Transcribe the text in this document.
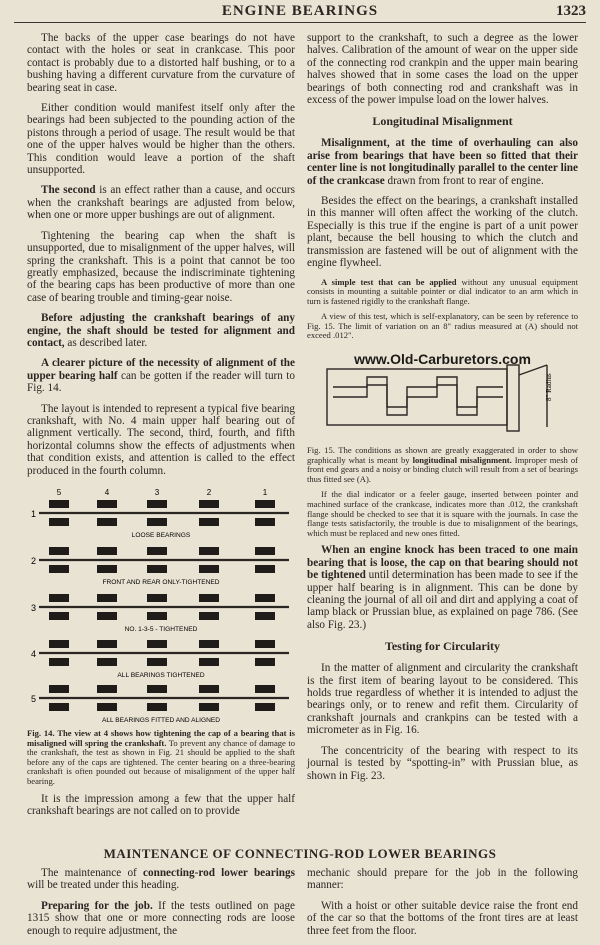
ENGINE BEARINGS	1323

The backs of the upper case bearings do not have contact with the holes or seat in crankcase. This poor contact is probably due to a distorted half bushing, or to a bushing having a different curvature from the curvature of bearing seat in case.

Either condition would manifest itself only after the bearings had been subjected to the pounding action of the pistons through a period of usage. The result would be that one of the upper halves would be higher than the others. This condition would leave a portion of the shaft unsupported.

The second is an effect rather than a cause, and occurs when the crankshaft bearings are adjusted from below, when one or more upper bushings are out of alignment.

Tightening the bearing cap when the shaft is unsupported, due to misalignment of the upper halves, will spring the crankshaft. This is a point that cannot be too greatly emphasized, because the indiscriminate tightening of the bearing caps has been productive of more than one case of bearing trouble and timing-gear noise.

Before adjusting the crankshaft bearings of any engine, the shaft should be tested for alignment and contact, as described later.

A clearer picture of the necessity of alignment of the upper bearing half can be gotten if the reader will turn to Fig. 14.

The layout is intended to represent a typical five bearing crankshaft, with No. 4 main upper half bearing out of alignment vertically. The second, third, fourth, and fifth horizontal columns show the effects of adjustments when that condition exists, and attention is called to the effect produced in the fourth column.

5	4	3	2	1
1
LOOSE BEARINGS
2
FRONT AND REAR ONLY-TIGHTENED
3
NO. 1-3-5 - TIGHTENED
4
ALL BEARINGS TIGHTENED
5
ALL BEARINGS FITTED AND ALIGNED

Fig. 14. The view at 4 shows how tightening the cap of a bearing that is misaligned will spring the crankshaft. To prevent any chance of damage to the crankshaft, the test as shown in Fig. 21 should be applied to the shaft before any of the caps are tightened. The center bearing on a three-bearing crankshaft is often pounded out because of misalignment of the upper half bearing.

It is the impression among a few that the upper half crankshaft bearings are not called on to provide

support to the crankshaft, to such a degree as the lower halves. Calibration of the amount of wear on the upper side of the connecting rod crankpin and the upper main bearing halves showed that in some cases the load on the upper bearings of both connecting rod and crankshaft was in excess of the power impulse load on the lower halves.

Longitudinal Misalignment

Misalignment, at the time of overhauling can also arise from bearings that have been so fitted that their center line is not longitudinally parallel to the center line of the crankcase drawn from front to rear of engine.

Besides the effect on the bearings, a crankshaft installed in this manner will often affect the working of the clutch. Especially is this true if the engine is part of a unit power plant, because the bell housing to which the clutch and transmission are fastened will be out of alignment with the engine flywheel.

A simple test that can be applied without any unusual equipment consists in mounting a suitable pointer or dial indicator to an arm which in turn is fastened rigidly to the crankshaft flange.

A view of this test, which is self-explanatory, can be seen by reference to Fig. 15. The limit of variation on an 8" radius measured at (A) should not exceed .012".

www.Old-Carburetors.com
8" Radius

Fig. 15. The conditions as shown are greatly exaggerated in order to show graphically what is meant by longitudinal misalignment. Improper mesh of front end gears and a noisy or binding clutch will result from a set of bearings thus fitted see (A).

If the dial indicator or a feeler gauge, inserted between pointer and machined surface of the crankcase, indicates more than .012, the crankshaft flange should be checked to see that it is square with the journals. In case the flange tests satisfactorily, the trouble is due to misalignment of the bearings, which must be replaced and new ones fitted.

When an engine knock has been traced to one main bearing that is loose, the cap on that bearing should not be tightened until determination has been made to see if the upper half bearing is in alignment. This can be done by cleaning the journal of all oil and dirt and applying a coat of lamp black or Prussian blue, as explained on page 786. (See also Fig. 23.)

Testing for Circularity

In the matter of alignment and circularity the crankshaft is the first item of bearing layout to be considered. This holds true regardless of whether it is intended to adjust the bearings only, or to renew and refit them. Circularity of crankshaft journals and crankpins can be tested with a micrometer as in Fig. 16.

The concentricity of the bearing with respect to its journal is tested by “spotting-in” with Prussian blue, as shown in Fig. 23.

MAINTENANCE OF CONNECTING-ROD LOWER BEARINGS

The maintenance of connecting-rod lower bearings will be treated under this heading.

Preparing for the job. If the tests outlined on page 1315 show that one or more connecting rods are loose enough to require adjustment, the

mechanic should prepare for the job in the following manner:

With a hoist or other suitable device raise the front end of the car so that the bottoms of the front tires are at least three feet from the floor.
